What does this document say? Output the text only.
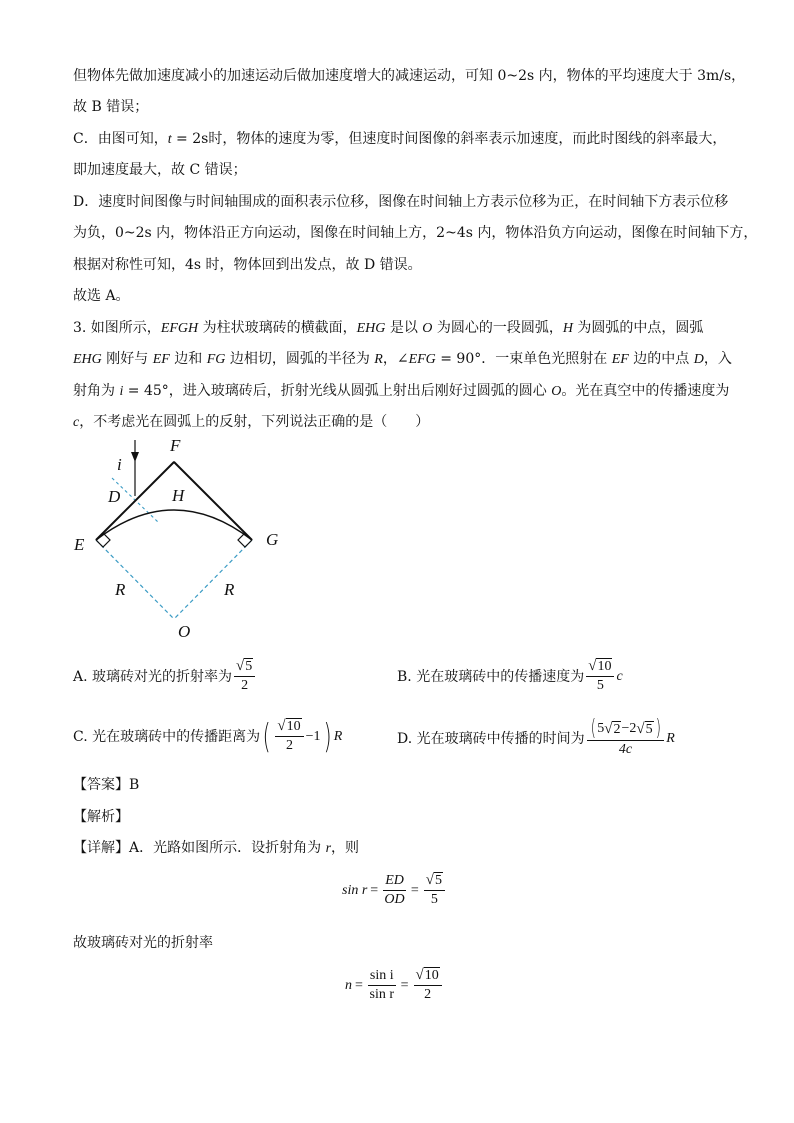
但物体先做加速度减小的加速运动后做加速度增大的减速运动，可知 0~2s 内，物体的平均速度大于 3m/s，
故 B 错误；
C．由图可知，t = 2s时，物体的速度为零，但速度时间图像的斜率表示加速度，而此时图线的斜率最大，
即加速度最大，故 C 错误；
D．速度时间图像与时间轴围成的面积表示位移，图像在时间轴上方表示位移为正，在时间轴下方表示位移
为负，0~2s 内，物体沿正方向运动，图像在时间轴上方，2~4s 内，物体沿负方向运动，图像在时间轴下方，
根据对称性可知，4s 时，物体回到出发点，故 D 错误。
故选 A。
3. 如图所示，EFGH 为柱状玻璃砖的横截面，EHG 是以 O 为圆心的一段圆弧，H 为圆弧的中点，圆弧
EHG 刚好与 EF 边和 FG 边相切，圆弧的半径为 R，∠EFG = 90°．一束单色光照射在 EF 边的中点 D，入
射角为 i = 45°，进入玻璃砖后，折射光线从圆弧上射出后刚好过圆弧的圆心 O。光在真空中的传播速度为
c，不考虑光在圆弧上的反射，下列说法正确的是（　　）
F
i
D	H
E	G
R	R
O
A. 玻璃砖对光的折射率为 $\frac{√ 5}{2}$	B. 光在玻璃砖中的传播速度为 $\frac{√ 10}{5}$ c
C. 光在玻璃砖中的传播距离为 ( $\frac{√ 10}{2} -1$ ) R	D. 光在玻璃砖中传播的时间为 $\frac{( 5 √ 2 -2 √ 5 )}{4c}$ R
【答案】B
【解析】
【详解】A．光路如图所示．设折射角为 r，则
$\sin r = \frac{ED}{OD} = \frac{√ 5}{5}$
故玻璃砖对光的折射率
$n = \frac{\text{sin i}}{\text{sin r}} = \frac{√ 10}{2}$
